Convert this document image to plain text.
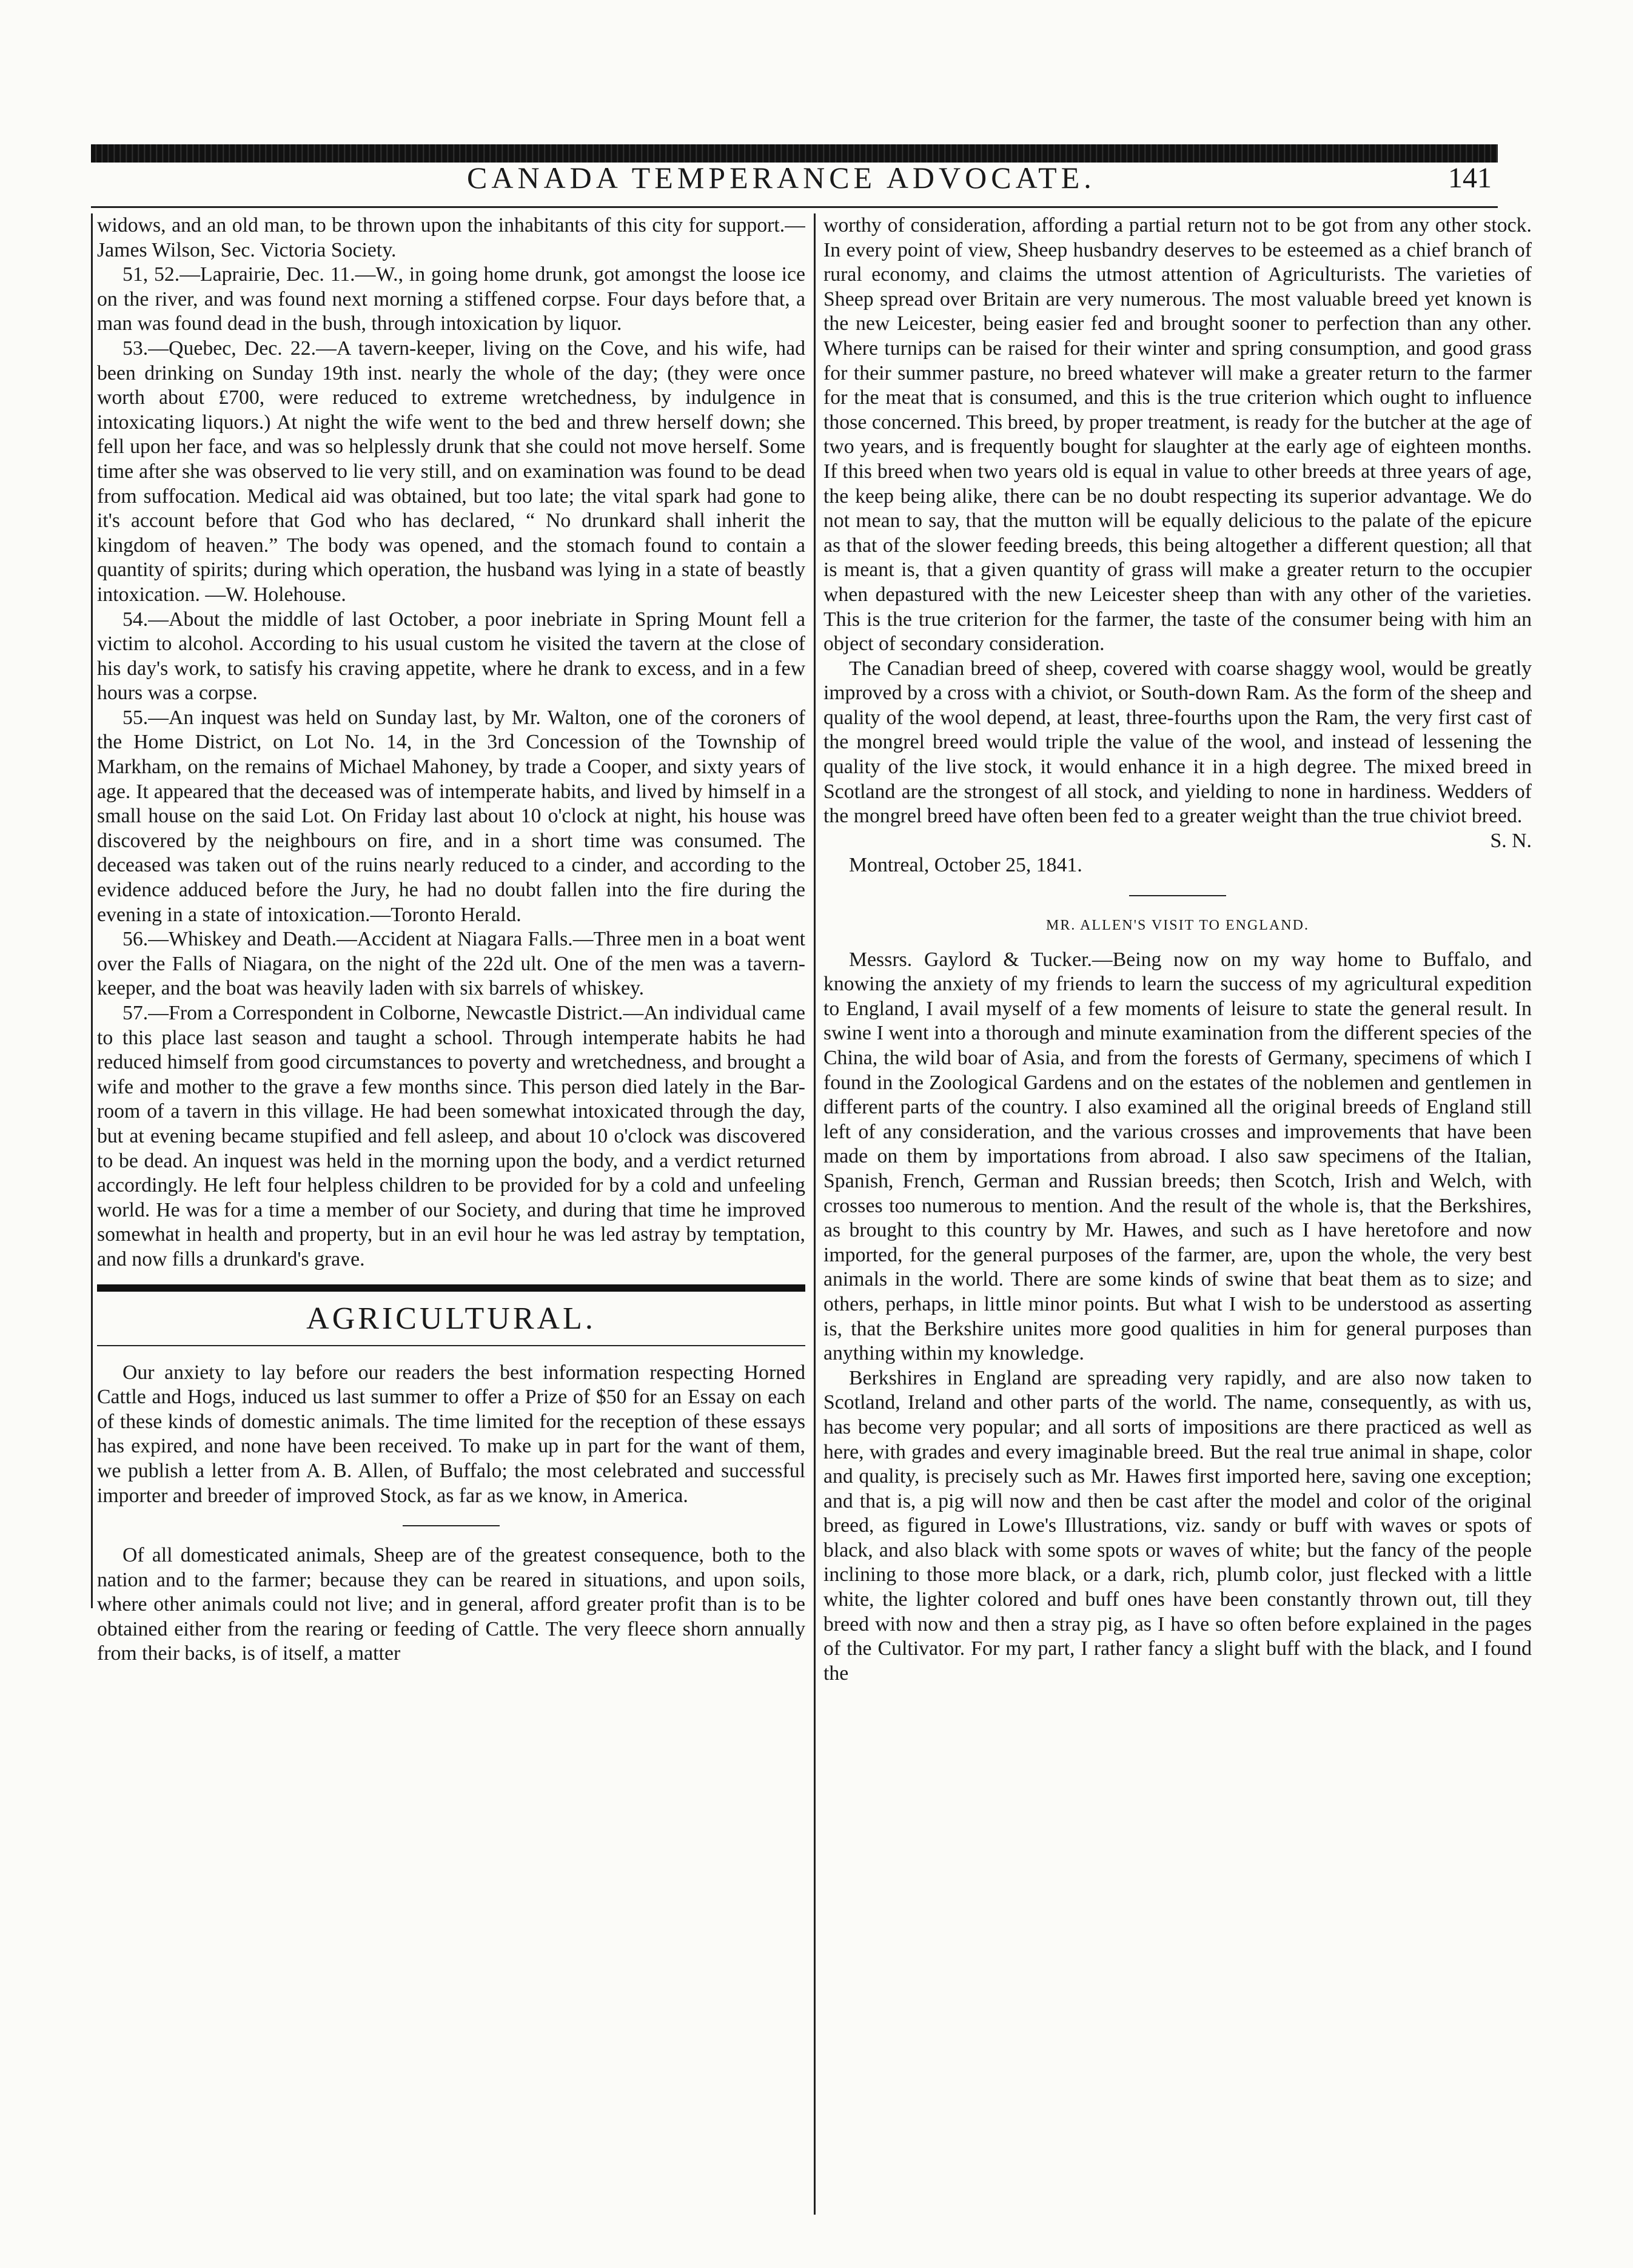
CANADA TEMPERANCE ADVOCATE.	141

widows, and an old man, to be thrown upon the inhabitants of this city for support.—James Wilson, Sec. Victoria Society.

51, 52.—Laprairie, Dec. 11.—W., in going home drunk, got amongst the loose ice on the river, and was found next morning a stiffened corpse. Four days before that, a man was found dead in the bush, through intoxication by liquor.

53.—Quebec, Dec. 22.—A tavern-keeper, living on the Cove, and his wife, had been drinking on Sunday 19th inst. nearly the whole of the day; (they were once worth about £700, were reduced to extreme wretchedness, by indulgence in intoxicating liquors.) At night the wife went to the bed and threw herself down; she fell upon her face, and was so helplessly drunk that she could not move herself. Some time after she was observed to lie very still, and on examination was found to be dead from suffocation. Medical aid was obtained, but too late; the vital spark had gone to it's account before that God who has declared, “ No drunkard shall inherit the kingdom of heaven.” The body was opened, and the stomach found to contain a quantity of spirits; during which operation, the husband was lying in a state of beastly intoxication. —W. Holehouse.

54.—About the middle of last October, a poor inebriate in Spring Mount fell a victim to alcohol. According to his usual custom he visited the tavern at the close of his day's work, to satisfy his craving appetite, where he drank to excess, and in a few hours was a corpse.

55.—An inquest was held on Sunday last, by Mr. Walton, one of the coroners of the Home District, on Lot No. 14, in the 3rd Concession of the Township of Markham, on the remains of Michael Mahoney, by trade a Cooper, and sixty years of age. It appeared that the deceased was of intemperate habits, and lived by himself in a small house on the said Lot. On Friday last about 10 o'clock at night, his house was discovered by the neighbours on fire, and in a short time was consumed. The deceased was taken out of the ruins nearly reduced to a cinder, and according to the evidence adduced before the Jury, he had no doubt fallen into the fire during the evening in a state of intoxication.—Toronto Herald.

56.—Whiskey and Death.—Accident at Niagara Falls.—Three men in a boat went over the Falls of Niagara, on the night of the 22d ult. One of the men was a tavern-keeper, and the boat was heavily laden with six barrels of whiskey.

57.—From a Correspondent in Colborne, Newcastle District.—An individual came to this place last season and taught a school. Through intemperate habits he had reduced himself from good circumstances to poverty and wretchedness, and brought a wife and mother to the grave a few months since. This person died lately in the Bar-room of a tavern in this village. He had been somewhat intoxicated through the day, but at evening became stupified and fell asleep, and about 10 o'clock was discovered to be dead. An inquest was held in the morning upon the body, and a verdict returned accordingly. He left four helpless children to be provided for by a cold and unfeeling world. He was for a time a member of our Society, and during that time he improved somewhat in health and property, but in an evil hour he was led astray by temptation, and now fills a drunkard's grave.

AGRICULTURAL.

Our anxiety to lay before our readers the best information respecting Horned Cattle and Hogs, induced us last summer to offer a Prize of $50 for an Essay on each of these kinds of domestic animals. The time limited for the reception of these essays has expired, and none have been received. To make up in part for the want of them, we publish a letter from A. B. Allen, of Buffalo; the most celebrated and successful importer and breeder of improved Stock, as far as we know, in America.

Of all domesticated animals, Sheep are of the greatest consequence, both to the nation and to the farmer; because they can be reared in situations, and upon soils, where other animals could not live; and in general, afford greater profit than is to be obtained either from the rearing or feeding of Cattle. The very fleece shorn annually from their backs, is of itself, a matter

worthy of consideration, affording a partial return not to be got from any other stock. In every point of view, Sheep husbandry deserves to be esteemed as a chief branch of rural economy, and claims the utmost attention of Agriculturists. The varieties of Sheep spread over Britain are very numerous. The most valuable breed yet known is the new Leicester, being easier fed and brought sooner to perfection than any other. Where turnips can be raised for their winter and spring consumption, and good grass for their summer pasture, no breed whatever will make a greater return to the farmer for the meat that is consumed, and this is the true criterion which ought to influence those concerned. This breed, by proper treatment, is ready for the butcher at the age of two years, and is frequently bought for slaughter at the early age of eighteen months. If this breed when two years old is equal in value to other breeds at three years of age, the keep being alike, there can be no doubt respecting its superior advantage. We do not mean to say, that the mutton will be equally delicious to the palate of the epicure as that of the slower feeding breeds, this being altogether a different question; all that is meant is, that a given quantity of grass will make a greater return to the occupier when depastured with the new Leicester sheep than with any other of the varieties. This is the true criterion for the farmer, the taste of the consumer being with him an object of secondary consideration.

The Canadian breed of sheep, covered with coarse shaggy wool, would be greatly improved by a cross with a chiviot, or South-down Ram. As the form of the sheep and quality of the wool depend, at least, three-fourths upon the Ram, the very first cast of the mongrel breed would triple the value of the wool, and instead of lessening the quality of the live stock, it would enhance it in a high degree. The mixed breed in Scotland are the strongest of all stock, and yielding to none in hardiness. Wedders of the mongrel breed have often been fed to a greater weight than the true chiviot breed.

S. N.

Montreal, October 25, 1841.

MR. ALLEN'S VISIT TO ENGLAND.

Messrs. Gaylord & Tucker.—Being now on my way home to Buffalo, and knowing the anxiety of my friends to learn the success of my agricultural expedition to England, I avail myself of a few moments of leisure to state the general result. In swine I went into a thorough and minute examination from the different species of the China, the wild boar of Asia, and from the forests of Germany, specimens of which I found in the Zoological Gardens and on the estates of the noblemen and gentlemen in different parts of the country. I also examined all the original breeds of England still left of any consideration, and the various crosses and improvements that have been made on them by importations from abroad. I also saw specimens of the Italian, Spanish, French, German and Russian breeds; then Scotch, Irish and Welch, with crosses too numerous to mention. And the result of the whole is, that the Berkshires, as brought to this country by Mr. Hawes, and such as I have heretofore and now imported, for the general purposes of the farmer, are, upon the whole, the very best animals in the world. There are some kinds of swine that beat them as to size; and others, perhaps, in little minor points. But what I wish to be understood as asserting is, that the Berkshire unites more good qualities in him for general purposes than anything within my knowledge.

Berkshires in England are spreading very rapidly, and are also now taken to Scotland, Ireland and other parts of the world. The name, consequently, as with us, has become very popular; and all sorts of impositions are there practiced as well as here, with grades and every imaginable breed. But the real true animal in shape, color and quality, is precisely such as Mr. Hawes first imported here, saving one exception; and that is, a pig will now and then be cast after the model and color of the original breed, as figured in Lowe's Illustrations, viz. sandy or buff with waves or spots of black, and also black with some spots or waves of white; but the fancy of the people inclining to those more black, or a dark, rich, plumb color, just flecked with a little white, the lighter colored and buff ones have been constantly thrown out, till they breed with now and then a stray pig, as I have so often before explained in the pages of the Cultivator. For my part, I rather fancy a slight buff with the black, and I found the
